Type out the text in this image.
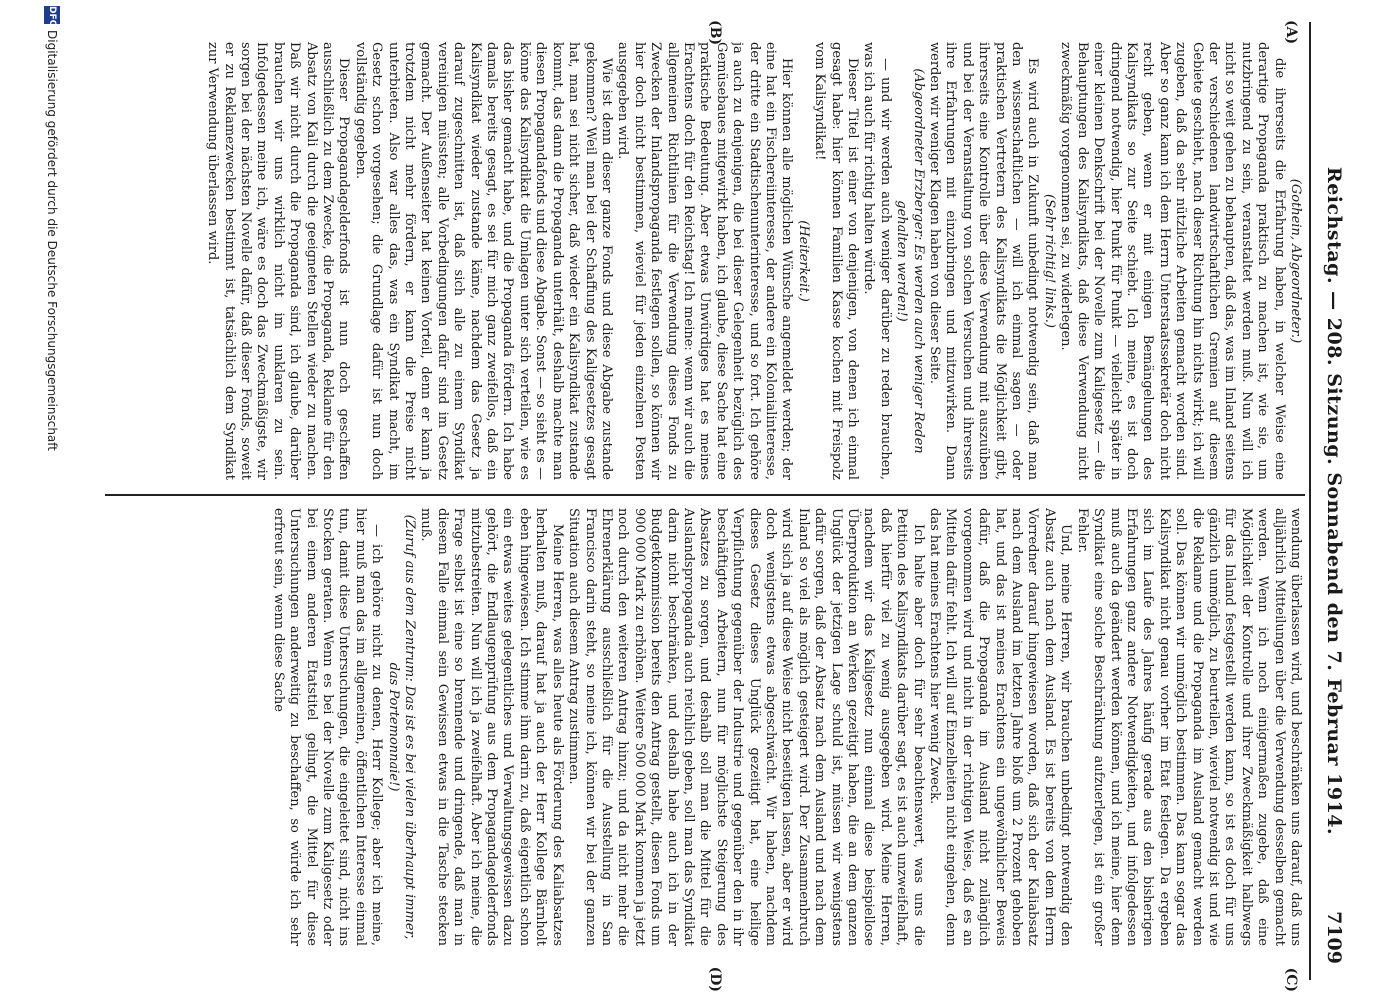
Reichstag. — 208. Sitzung. Sonnabend den 7. Februar 1914.
7109
(A)
(B)
(C)
(D)

(Gothein, Abgeordneter.)

die ihrerseits die Erfahrung haben, in welcher Weise eine derartige Propaganda praktisch zu machen ist, wie sie, um nutzbringend zu sein, veranstaltet werden muß. Nun will ich nicht so weit gehen zu behaupten, daß das, was im Inland seitens der verschiedenen landwirtschaftlichen Gremien auf diesem Gebiete geschieht, nach dieser Richtung hin nichts wirkt; ich will zugeben, daß da sehr nützliche Arbeiten gemacht worden sind. Aber so ganz kann ich dem Herrn Unterstaatssekretär doch nicht recht geben, wenn er mit einigen Bemängelungen des Kalisyndikats so zur Seite schiebt. Ich meine, es ist doch dringend notwendig, hier Punkt für Punkt — vielleicht später in einer kleinen Denkschrift bei der Novelle zum Kaligesetz — die Behauptungen des Kalisyndikats, daß diese Verwendung nicht zweckmäßig vorgenommen sei, zu widerlegen.

(Sehr richtig! links.)

Es wird auch in Zukunft unbedingt notwendig sein, daß man den wissenschaftlichen — will ich einmal sagen — oder praktischen Vertretern des Kalisyndikats die Möglichkeit gibt, ihrerseits eine Kontrolle über diese Verwendung mit auszuüben und bei der Veranstaltung von solchen Versuchen und ihrerseits ihre Erfahrungen mit einzubringen und mitzuwirken. Dann werden wir weniger Klagen haben von dieser Seite.

(Abgeordneter Erzberger: Es werden auch weniger Reden gehalten werden!)

— und wir werden auch weniger darüber zu reden brauchen, was ich auch für richtig halten würde.

Dieser Titel ist einer von denjenigen, von denen ich einmal gesagt habe: hier können Familien Kasse kochen mit Freispolz vom Kalisyndikat!

(Heiterkeit.)

Hier können alle möglichen Wünsche angemeldet werden; der eine hat ein Fischereiinteresse, der andere ein Kolonialinteresse, der dritte ein Stadtischenunterinteresse, und so fort. Ich gehöre ja auch zu denjenigen, die bei dieser Gelegenheit bezüglich des Gemüsebaues mitgewirkt haben, ich glaube, diese Sache hat eine praktische Bedeutung. Aber etwas Unwürdiges hat es meines Erachtens doch für den Reichstag! Ich meine: wenn wir auch die allgemeinen Richtlinien für die Verwendung dieses Fonds zu Zwecken der Inlandspropaganda festlegen sollen, so können wir hier doch nicht bestimmen, wieviel für jeden einzelnen Posten ausgegeben wird.

Wie ist denn dieser ganze Fonds und diese Abgabe zustande gekommen? Weil man bei der Schaffung des Kaligesetzes gesagt hat, man sei nicht sicher, daß wieder ein Kalisyndikat zustande kommt, das dann die Propaganda unterhält, deshalb machte man diesen Propagandafonds und diese Abgabe. Sonst — so sieht es — könne das Kalisyndikat die Umlagen unter sich verteilen, wie es das bisher gemacht habe, und die Propaganda fördern. Ich habe damals bereits gesagt, es sei für mich ganz zweifellos, daß ein Kalisyndikat wieder zustande käme, nachdem das Gesetz ja darauf zugeschnitten ist, daß sich alle zu einem Syndikat vereinigen müssten; alle Vorbedingungen dafür sind im Gesetz gemacht. Der Außenseiter hat keinen Vorteil, denn er kann ja trotzdem nicht mehr fördern, er kann die Preise nicht unterbieten. Also war alles das, was ein Syndikat macht, im Gesetz schon vorgesehen; die Grundlage dafür ist nun doch vollständig gegeben.

Dieser Propagandagelderfonds ist nun doch geschaffen ausschließlich zu dem Zwecke, die Propaganda, Reklame für den Absatz von Kali durch die geeigneten Stellen wieder zu machen. Daß wir nicht durch die Propaganda sind, ich glaube, darüber brauchen wir uns wirklich nicht im unklaren zu sein. Infolgedessen meine ich, wäre es doch das Zweckmäßigste, wir sorgen bei der nächsten Novelle dafür, daß dieser Fonds, soweit er zu Reklamezwecken bestimmt ist, tatsächlich dem Syndikat zur Verwendung überlassen wird.

wendung überlassen wird, und beschränken uns darauf, daß uns alljährlich Mitteilungen über die Verwendung desselben gemacht werden. Wenn ich noch einigermaßen zugebe, daß eine Möglichkeit der Kontrolle und ihrer Zweckmäßigkeit halbwegs für das Inland festgestellt werden kann, so ist es doch für uns gänzlich unmöglich, zu beurteilen, wieviel notwendig ist und wie die Reklame und die Propaganda im Ausland gemacht werden soll. Das können wir unmöglich bestimmen. Das kann sogar das Kalisyndikat nicht genau vorher im Etat festlegen. Da ergeben sich im Laufe des Jahres häufig gerade aus den bisherigen Erfahrungen ganz andere Notwendigkeiten, und infolgedessen muß auch da geändert werden können, und ich meine, hier dem Syndikat eine solche Beschränkung aufzuerlegen, ist ein großer Fehler.

Und, meine Herren, wir brauchen unbedingt notwendig den Absatz auch nach dem Ausland. Es ist bereits von dem Herrn Vorredner darauf hingewiesen worden, daß sich der Kaliabsatz nach dem Ausland im letzten Jahre bloß um 2 Prozent gehoben hat, und das ist meines Erachtens ein ungewöhnlicher Beweis dafür, daß die Propaganda im Ausland nicht zulänglich vorgenommen wird und nicht in der richtigen Weise, daß es an Mitteln dafür fehlt. Ich will auf Einzelheiten nicht eingehen, denn das hat meines Erachtens hier wenig Zweck.

Ich halte aber doch für sehr beachtenswert, was uns die Petition des Kalisyndikats darüber sagt, es ist auch unzweifelhaft, daß hierfür viel zu wenig ausgegeben wird. Meine Herren, nachdem wir das Kaligesetz nun einmal diese beispiellose Überproduktion an Werken gezeitigt haben, die an dem ganzen Unglück der jetzigen Lage schuld ist, müssen wir wenigstens dafür sorgen, daß der Absatz nach dem Ausland und nach dem Inland so viel als möglich gesteigert wird. Der Zusammenbruch wird sich ja auf diese Weise nicht beseitigen lassen, aber er wird doch wenigstens etwas abgeschwächt. Wir haben, nachdem dieses Gesetz dieses Unglück gezeitigt hat, eine heilige Verpflichtung gegenüber der Industrie und gegenüber den in ihr beschäftigten Arbeitern, nun für möglichste Steigerung des Absatzes zu sorgen, und deshalb soll man die Mittel für die Auslandspropaganda auch reichlich geben, soll man das Syndikat darin nicht beschränken, und deshalb habe auch ich in der Budgetkommission bereits den Antrag gestellt, diesen Fonds um 900 000 Mark zu erhöhen. Weitere 500 000 Mark kommen ja jetzt noch durch den weiteren Antrag hinzu; und da nicht mehr die Ehrenerklärung ausschließlich für die Ausstellung in San Francisco darin steht, so meine ich, können wir bei der ganzen Situation auch diesem Antrag zustimmen.

Meine Herren, was alles heute als Förderung des Kaliabsatzes herhalten muß, darauf hat ja auch der Herr Kollege Bärnholt eben hingewiesen. Ich stimme ihm darin zu, daß eigentlich schon ein etwas weites gelegentliches und Verwaltungsgewissen dazu gehört, die Endlaugenprüfung aus dem Propagandagelderfonds mitzubestreiten. Nun will ich ja zweifelhaft. Aber ich meine, die Frage selbst ist eine so brennende und dringende, daß man in diesem Falle einmal sein Gewissen etwas in die Tasche stecken muß.

(Zuruf aus dem Zentrum: Das ist es bei vielen überhaupt immer, das Portemonnaie!)

— ich gehöre nicht zu denen, Herr Kollege; aber ich meine, hier muß man das im allgemeinen, öffentlichen Interesse einmal tun, damit diese Untersuchungen, die eingeleitet sind, nicht ins Stocken geraten. Wenn es bei der Novelle zum Kaligesetz oder bei einem anderen Etatstitel gelingt, die Mittel für diese Untersuchungen anderweitig zu beschaffen, so würde ich sehr erfreut sein, wenn diese Sache

DFG
Digitalisierung gefördert durch die Deutsche Forschungsgemeinschaft
